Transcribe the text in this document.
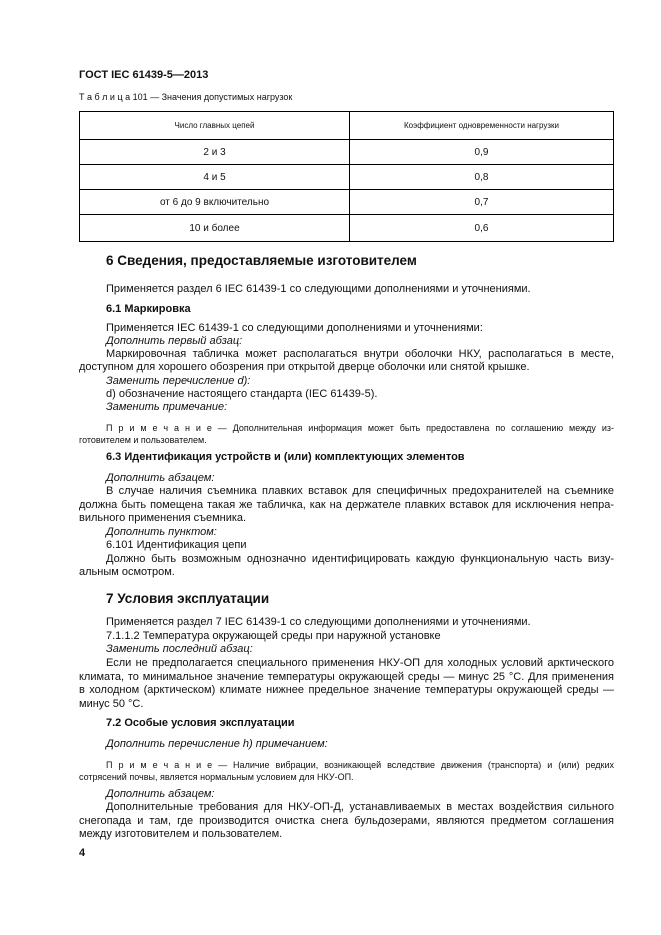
ГОСТ IEC 61439-5—2013
Т а б л и ц а 101 — Значения допустимых нагрузок
Число главных цепей	Коэффициент одновременности нагрузки
2 и 3	0,9
4 и 5	0,8
от 6 до 9 включительно	0,7
10 и более	0,6
6 Сведения, предоставляемые изготовителем
Применяется раздел 6 IEC 61439-1 со следующими дополнениями и уточнениями.
6.1 Маркировка
Применяется IEC 61439-1 со следующими дополнениями и уточнениями:
Дополнить первый абзац:
Маркировочная табличка может располагаться внутри оболочки НКУ, располагаться в месте,
доступном для хорошего обозрения при открытой дверце оболочки или снятой крышке.
Заменить перечисление d):
d) обозначение настоящего стандарта (IEC 61439-5).
Заменить примечание:
П р и м е ч а н и е — Дополнительная информация может быть предоставлена по соглашению между из-
готовителем и пользователем.
6.3 Идентификация устройств и (или) комплектующих элементов
Дополнить абзацем:
В случае наличия съемника плавких вставок для специфичных предохранителей на съемнике
должна быть помещена такая же табличка, как на держателе плавких вставок для исключения непра-
вильного применения съемника.
Дополнить пунктом:
6.101 Идентификация цепи
Должно быть возможным однозначно идентифицировать каждую функциональную часть визу-
альным осмотром.
7 Условия эксплуатации
Применяется раздел 7 IEC 61439-1 со следующими дополнениями и уточнениями.
7.1.1.2 Температура окружающей среды при наружной установке
Заменить последний абзац:
Если не предполагается специального применения НКУ-ОП для холодных условий арктического
климата, то минимальное значение температуры окружающей среды — минус 25 °С. Для применения
в холодном (арктическом) климате нижнее предельное значение температуры окружающей среды —
минус 50 °С.
7.2 Особые условия эксплуатации
Дополнить перечисление h) примечанием:
П р и м е ч а н и е — Наличие вибрации, возникающей вследствие движения (транспорта) и (или) редких
сотрясений почвы, является нормальным условием для НКУ-ОП.
Дополнить абзацем:
Дополнительные требования для НКУ-ОП-Д, устанавливаемых в местах воздействия сильного
снегопада и там, где производится очистка снега бульдозерами, являются предметом соглашения
между изготовителем и пользователем.
4
